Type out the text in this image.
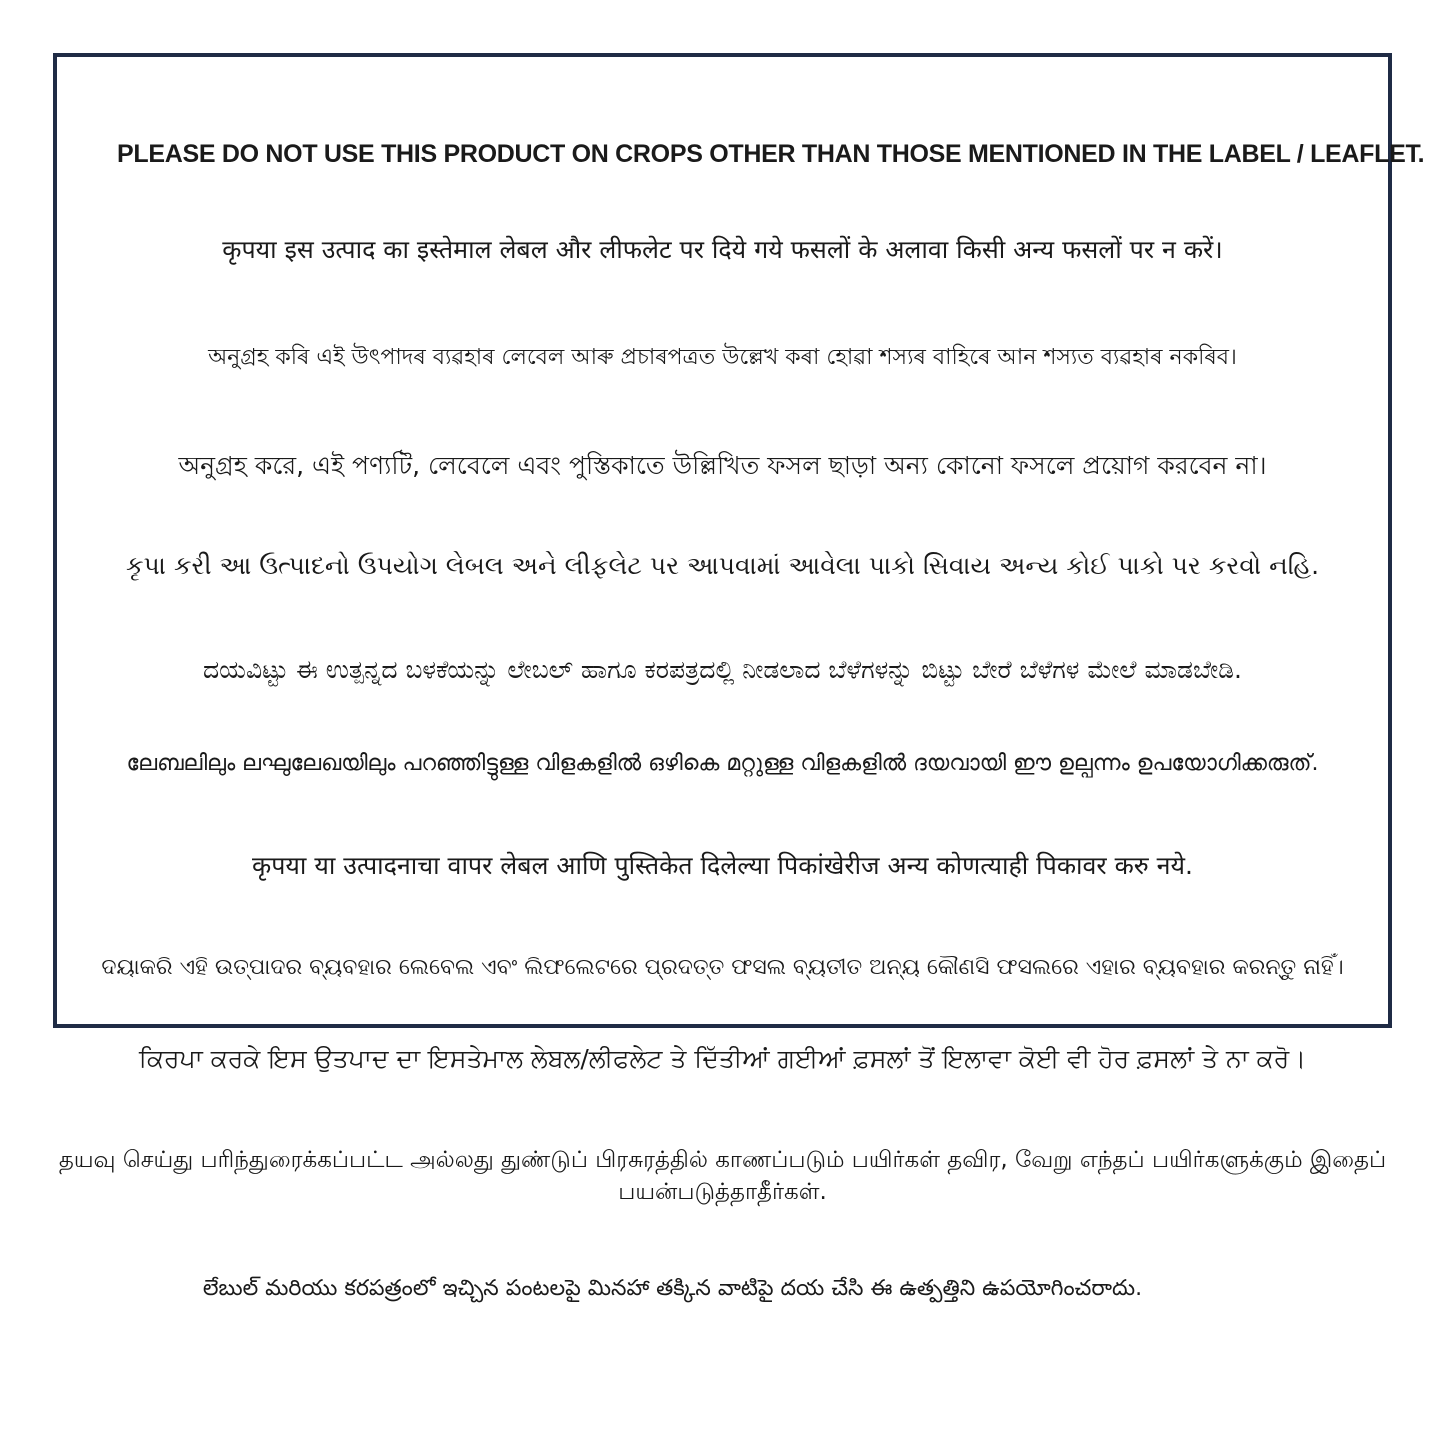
PLEASE DO NOT USE THIS PRODUCT ON CROPS OTHER THAN THOSE MENTIONED IN THE LABEL / LEAFLET.
कृपया इस उत्पाद का इस्तेमाल लेबल और लीफलेट पर दिये गये फसलों के अलावा किसी अन्य फसलों पर न करें।
অনুগ্ৰহ কৰি এই উৎপাদৰ ব্যৱহাৰ লেবেল আৰু প্ৰচাৰপত্ৰত উল্লেখ কৰা হোৱা শস্যৰ বাহিৰে আন শস্যত ব্যৱহাৰ নকৰিব।
অনুগ্রহ করে, এই পণ্যটি, লেবেলে এবং পুস্তিকাতে উল্লিখিত ফসল ছাড়া অন্য কোনো ফসলে প্রয়োগ করবেন না।
કૃપા કરી આ ઉત્પાદનો ઉપયોગ લેબલ અને લીફલેટ પર આપવામાં આવેલા પાકો સિવાય અન્ય કોઈ પાકો પર કરવો નહિ.
ದಯವಿಟ್ಟು ಈ ಉತ್ಪನ್ನದ ಬಳಕೆಯನ್ನು ಲೇಬಲ್ ಹಾಗೂ ಕರಪತ್ರದಲ್ಲಿ ನೀಡಲಾದ ಬೆಳೆಗಳನ್ನು ಬಿಟ್ಟು ಬೇರೆ ಬೆಳೆಗಳ ಮೇಲೆ ಮಾಡಬೇಡಿ.
ലേബലിലും ലഘുലേഖയിലും പറഞ്ഞിട്ടുള്ള വിളകളിൽ ഒഴികെ മറ്റുള്ള വിളകളിൽ ദയവായി ഈ ഉല്പന്നം ഉപയോഗിക്കരുത്.
कृपया या उत्पादनाचा वापर लेबल आणि पुस्तिकेत दिलेल्या पिकांखेरीज अन्य कोणत्याही पिकावर करु नये.
ଦୟାକରି ଏହି ଉତ୍ପାଦର ବ୍ୟବହାର ଲେବେଲ ଏବଂ ଲିଫଲେଟରେ ପ୍ରଦତ୍ତ ଫସଲ ବ୍ୟତୀତ ଅନ୍ୟ କୌଣସି ଫସଲରେ ଏହାର ବ୍ୟବହାର କରନ୍ତୁ ନାହିଁ।
ਕਿਰਪਾ ਕਰਕੇ ਇਸ ਉਤਪਾਦ ਦਾ ਇਸਤੇਮਾਲ ਲੇਬਲ/ਲੀਫਲੇਟ ਤੇ ਦਿੱਤੀਆਂ ਗਈਆਂ ਫ਼ਸਲਾਂ ਤੋਂ ਇਲਾਵਾ ਕੋਈ ਵੀ ਹੋਰ ਫ਼ਸਲਾਂ ਤੇ ਨਾ ਕਰੋ।
தயவு செய்து பரிந்துரைக்கப்பட்ட அல்லது துண்டுப் பிரசுரத்தில் காணப்படும் பயிர்கள் தவிர, வேறு எந்தப் பயிர்களுக்கும் இதைப் பயன்படுத்தாதீர்கள்.
లేబుల్ మరియు కరపత్రంలో ఇచ్చిన పంటలపై మినహా తక్కిన వాటిపై దయ చేసి ఈ ఉత్పత్తిని ఉపయోగించరాదు.
